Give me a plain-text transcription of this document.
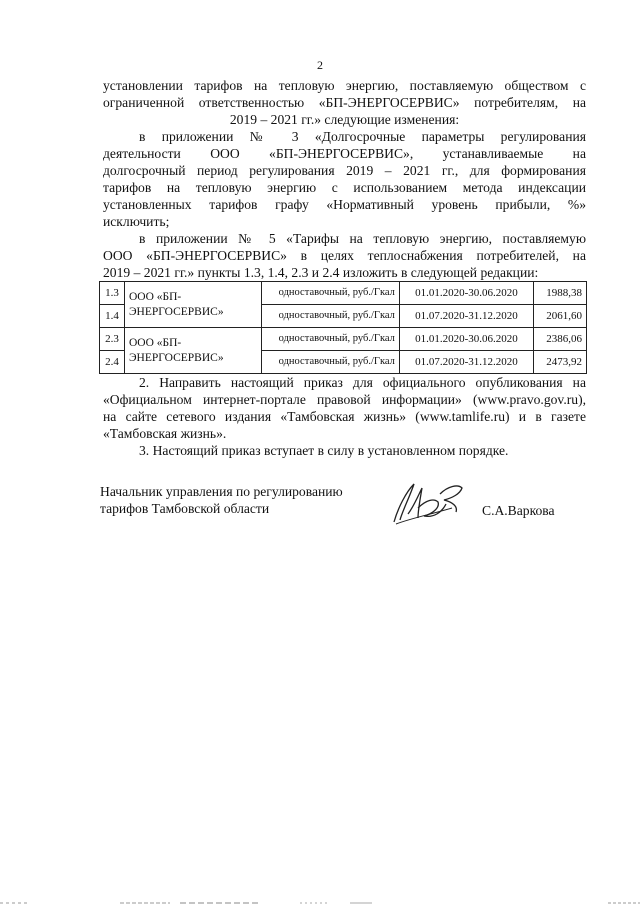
2
установлении тарифов на тепловую энергию, поставляемую обществом с
ограниченной ответственностью «БП-ЭНЕРГОСЕРВИС» потребителям, на
2019 – 2021 гг.» следующие изменения:
в приложении № 3 «Долгосрочные параметры регулирования
деятельности ООО «БП-ЭНЕРГОСЕРВИС», устанавливаемые на
долгосрочный период регулирования 2019 – 2021 гг., для формирования
тарифов на тепловую энергию с использованием метода индексации
установленных тарифов графу «Нормативный уровень прибыли, %»
исключить;
в приложении № 5 «Тарифы на тепловую энергию, поставляемую
ООО «БП-ЭНЕРГОСЕРВИС» в целях теплоснабжения потребителей, на
2019 – 2021 гг.» пункты 1.3, 1.4, 2.3 и 2.4 изложить в следующей редакции:
1.3	ООО «БП-ЭНЕРГОСЕРВИС»	одноставочный, руб./Гкал	01.01.2020-30.06.2020	1988,38
1.4		одноставочный, руб./Гкал	01.07.2020-31.12.2020	2061,60
2.3	ООО «БП-ЭНЕРГОСЕРВИС»	одноставочный, руб./Гкал	01.01.2020-30.06.2020	2386,06
2.4		одноставочный, руб./Гкал	01.07.2020-31.12.2020	2473,92
2. Направить настоящий приказ для официального опубликования на
«Официальном интернет-портале правовой информации» (www.pravo.gov.ru),
на сайте сетевого издания «Тамбовская жизнь» (www.tamlife.ru) и в газете
«Тамбовская жизнь».
3. Настоящий приказ вступает в силу в установленном порядке.
Начальник управления по регулированию
тарифов Тамбовской области	С.А.Варкова
